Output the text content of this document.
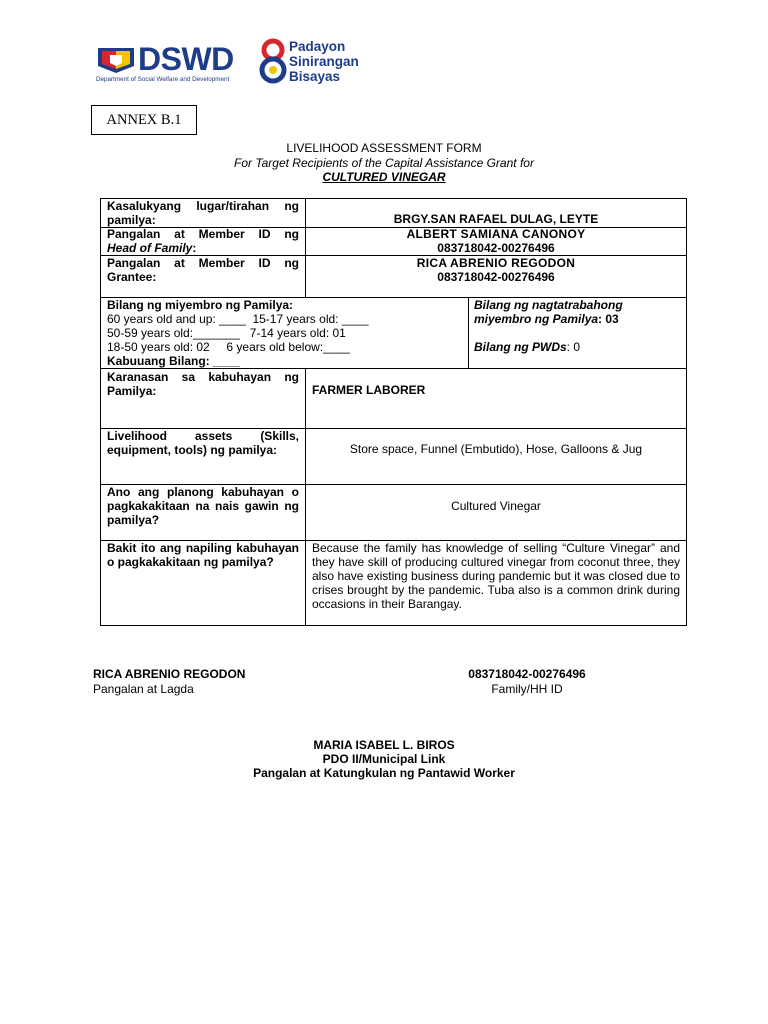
DSWD
Department of Social Welfare and Development
Padayon
Sinirangan
Bisayas
ANNEX B.1
LIVELIHOOD ASSESSMENT FORM
For Target Recipients of the Capital Assistance Grant for
CULTURED VINEGAR
Kasalukyang lugar/tirahan ng pamilya:	BRGY.SAN RAFAEL DULAG, LEYTE
Pangalan at Member ID ng
Head of Family:
ALBERT SAMIANA CANONOY
083718042-00276496
Pangalan at Member ID ng Grantee:
RICA ABRENIO REGODON
083718042-00276496
Bilang ng miyembro ng Pamilya:
60 years old and up: ____  15-17 years old: ____
50-59 years old:_______   7-14 years old: 01
18-50 years old: 02     6 years old below:____
Kabuuang Bilang: ____
Bilang ng nagtatrabahong
miyembro ng Pamilya: 03
Bilang ng PWDs: 0
Karanasan sa kabuhayan ng Pamilya:	FARMER LABORER
Livelihood assets (Skills, equipment, tools) ng pamilya:	Store space, Funnel (Embutido), Hose, Galloons & Jug
Ano ang planong kabuhayan o pagkakakitaan na nais gawin ng pamilya?
Cultured Vinegar
Bakit ito ang napiling kabuhayan o pagkakakitaan ng pamilya?
Because the family has knowledge of selling “Culture Vinegar” and they have skill of producing cultured vinegar from coconut three, they also have existing business during pandemic but it was closed due to crises brought by the pandemic. Tuba also is a common drink during occasions in their Barangay.
RICA ABRENIO REGODON
Pangalan at Lagda
083718042-00276496
Family/HH ID
MARIA ISABEL L. BIROS
PDO II/Municipal Link
Pangalan at Katungkulan ng Pantawid Worker
